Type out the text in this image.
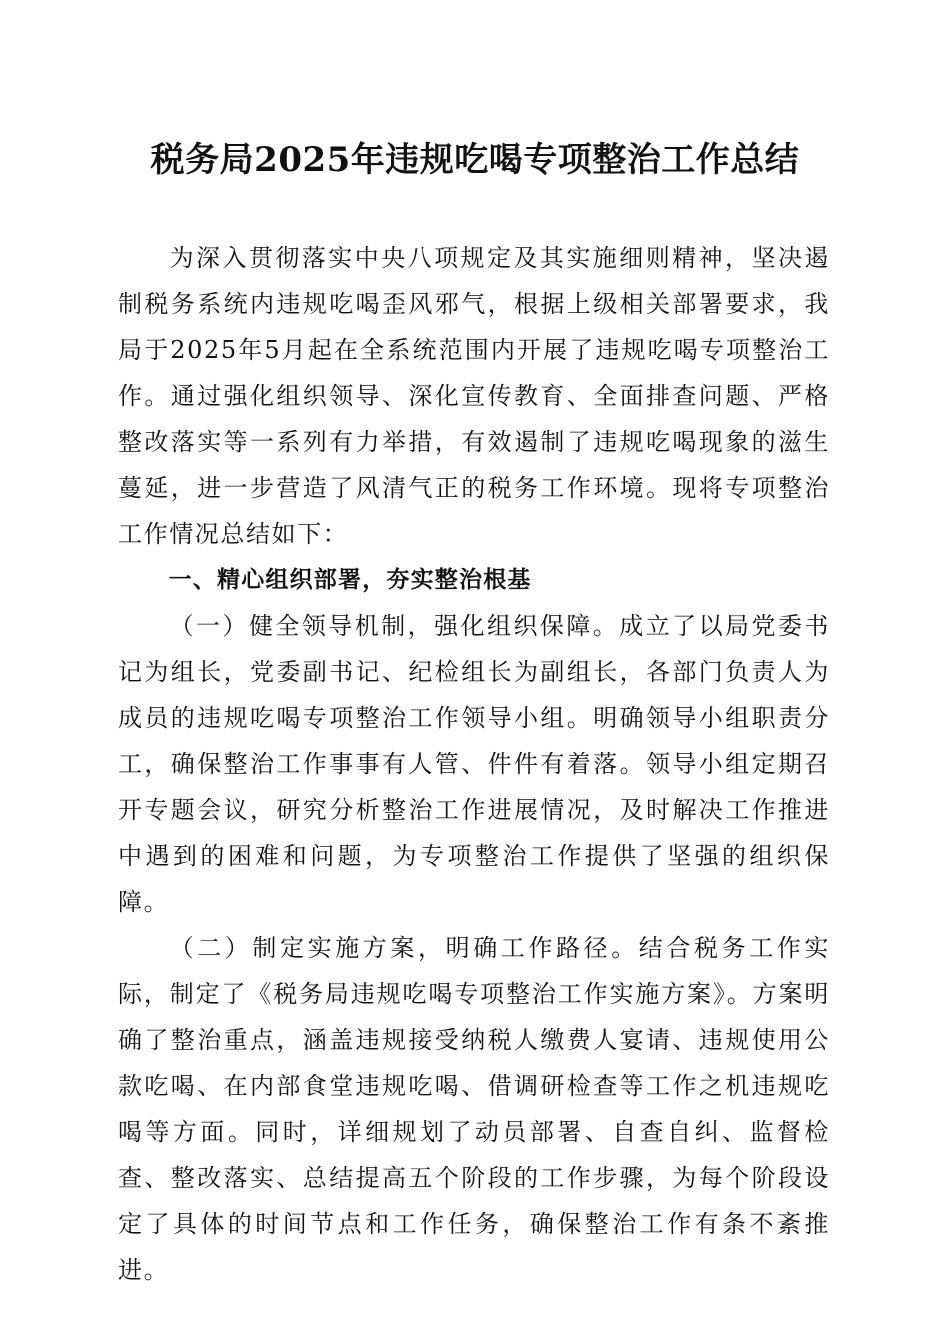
税务局2025年违规吃喝专项整治工作总结

为深入贯彻落实中央八项规定及其实施细则精神，坚决遏制税务系统内违规吃喝歪风邪气，根据上级相关部署要求，我局于2025年5月起在全系统范围内开展了违规吃喝专项整治工作。通过强化组织领导、深化宣传教育、全面排查问题、严格整改落实等一系列有力举措，有效遏制了违规吃喝现象的滋生蔓延，进一步营造了风清气正的税务工作环境。现将专项整治工作情况总结如下：

一、精心组织部署，夯实整治根基

（一）健全领导机制，强化组织保障。成立了以局党委书记为组长，党委副书记、纪检组长为副组长，各部门负责人为成员的违规吃喝专项整治工作领导小组。明确领导小组职责分工，确保整治工作事事有人管、件件有着落。领导小组定期召开专题会议，研究分析整治工作进展情况，及时解决工作推进中遇到的困难和问题，为专项整治工作提供了坚强的组织保障。

（二）制定实施方案，明确工作路径。结合税务工作实际，制定了《税务局违规吃喝专项整治工作实施方案》。方案明确了整治重点，涵盖违规接受纳税人缴费人宴请、违规使用公款吃喝、在内部食堂违规吃喝、借调研检查等工作之机违规吃喝等方面。同时，详细规划了动员部署、自查自纠、监督检查、整改落实、总结提高五个阶段的工作步骤，为每个阶段设定了具体的时间节点和工作任务，确保整治工作有条不紊推进。
